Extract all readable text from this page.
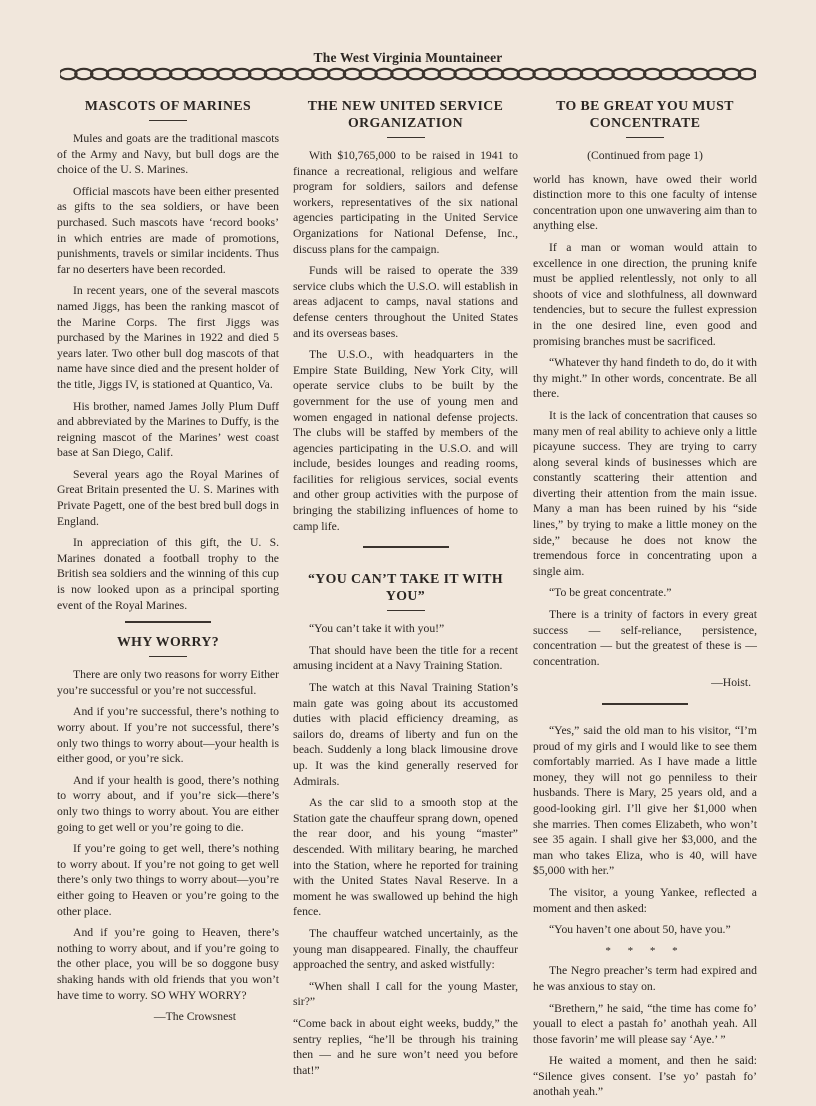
The West Virginia Mountaineer
MASCOTS OF MARINES

Mules and goats are the traditional mascots of the Army and Navy, but bull dogs are the choice of the U. S. Marines.

Official mascots have been either presented as gifts to the sea soldiers, or have been purchased. Such mascots have ‘record books’ in which entries are made of promotions, punishments, travels or similar incidents. Thus far no deserters have been recorded.

In recent years, one of the several mascots named Jiggs, has been the ranking mascot of the Marine Corps. The first Jiggs was purchased by the Marines in 1922 and died 5 years later. Two other bull dog mascots of that name have since died and the present holder of the title, Jiggs IV, is stationed at Quantico, Va.

His brother, named James Jolly Plum Duff and abbreviated by the Marines to Duffy, is the reigning mascot of the Marines’ west coast base at San Diego, Calif.

Several years ago the Royal Marines of Great Britain presented the U. S. Marines with Private Pagett, one of the best bred bull dogs in England.

In appreciation of this gift, the U. S. Marines donated a football trophy to the British sea soldiers and the winning of this cup is now looked upon as a principal sporting event of the Royal Marines.

WHY WORRY?

There are only two reasons for worry Either you’re successful or you’re not successful.

And if you’re successful, there’s nothing to worry about. If you’re not successful, there’s only two things to worry about—your health is either good, or you’re sick.

And if your health is good, there’s nothing to worry about, and if you’re sick—there’s only two things to worry about. You are either going to get well or you’re going to die.

If you’re going to get well, there’s nothing to worry about. If you’re not going to get well there’s only two things to worry about—you’re either going to Heaven or you’re going to the other place.

And if you’re going to Heaven, there’s nothing to worry about, and if you’re going to the other place, you will be so doggone busy shaking hands with old friends that you won’t have time to worry. SO WHY WORRY?

—The Crowsnest
THE NEW UNITED SERVICE ORGANIZATION

With $10,765,000 to be raised in 1941 to finance a recreational, religious and welfare program for soldiers, sailors and defense workers, representatives of the six national agencies participating in the United Service Organizations for National Defense, Inc., discuss plans for the campaign.

Funds will be raised to operate the 339 service clubs which the U.S.O. will establish in areas adjacent to camps, naval stations and defense centers throughout the United States and its overseas bases.

The U.S.O., with headquarters in the Empire State Building, New York City, will operate service clubs to be built by the government for the use of young men and women engaged in national defense projects. The clubs will be staffed by members of the agencies participating in the U.S.O. and will include, besides lounges and reading rooms, facilities for religious services, social events and other group activities with the purpose of bringing the stabilizing influences of home to camp life.

“YOU CAN’T TAKE IT WITH YOU”

“You can’t take it with you!”

That should have been the title for a recent amusing incident at a Navy Training Station.

The watch at this Naval Training Station’s main gate was going about its accustomed duties with placid efficiency dreaming, as sailors do, dreams of liberty and fun on the beach. Suddenly a long black limousine drove up. It was the kind generally reserved for Admirals.

As the car slid to a smooth stop at the Station gate the chauffeur sprang down, opened the rear door, and his young “master” descended. With military bearing, he marched into the Station, where he reported for training with the United States Naval Reserve. In a moment he was swallowed up behind the high fence.

The chauffeur watched uncertainly, as the young man disappeared. Finally, the chauffeur approached the sentry, and asked wistfully:

“When shall I call for the young Master, sir?”

“Come back in about eight weeks, buddy,” the sentry replies, “he’ll be through his training then — and he sure won’t need you before that!”

TO BE GREAT YOU MUST CONCENTRATE
(Continued from page 1)

world has known, have owed their world distinction more to this one faculty of intense concentration upon one unwavering aim than to anything else.

If a man or woman would attain to excellence in one direction, the pruning knife must be applied relentlessly, not only to all shoots of vice and slothfulness, all downward tendencies, but to secure the fullest expression in the one desired line, even good and promising branches must be sacrificed.

“Whatever thy hand findeth to do, do it with thy might.” In other words, concentrate. Be all there.

It is the lack of concentration that causes so many men of real ability to achieve only a little picayune success. They are trying to carry along several kinds of businesses which are constantly scattering their attention and diverting their attention from the main issue. Many a man has been ruined by his “side lines,” by trying to make a little money on the side,” because he does not know the tremendous force in concentrating upon a single aim.

“To be great concentrate.”

There is a trinity of factors in every great success — self-reliance, persistence, concentration — but the greatest of these is — concentration.

—Hoist.

“Yes,” said the old man to his visitor, “I’m proud of my girls and I would like to see them comfortably married. As I have made a little money, they will not go penniless to their husbands. There is Mary, 25 years old, and a good-looking girl. I’ll give her $1,000 when she marries. Then comes Elizabeth, who won’t see 35 again. I shall give her $3,000, and the man who takes Eliza, who is 40, will have $5,000 with her.”

The visitor, a young Yankee, reflected a moment and then asked:

“You haven’t one about 50, have you.”

* * * *

The Negro preacher’s term had expired and he was anxious to stay on.

“Brethern,” he said, “the time has come fo’ youall to elect a pastah fo’ anothah yeah. All those favorin’ me will please say ‘Aye.’ ”

He waited a moment, and then he said: “Silence gives consent. I’se yo’ pastah fo’ anothah yeah.”
